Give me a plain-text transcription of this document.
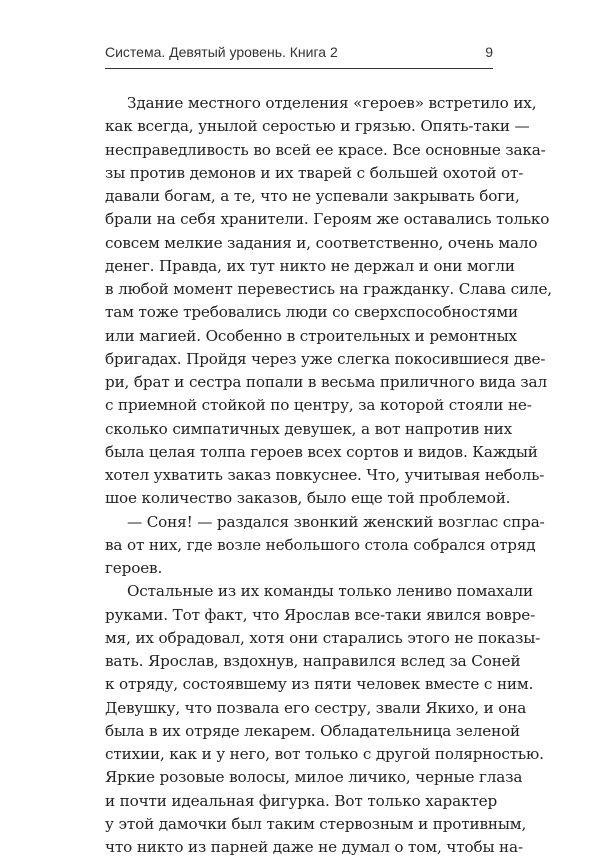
Система. Девятый уровень. Книга 2	9
Здание местного отделения «героев» встретило их,
как всегда, унылой серостью и грязью. Опять-таки —
несправедливость во всей ее красе. Все основные зака-
зы против демонов и их тварей с большей охотой от-
давали богам, а те, что не успевали закрывать боги,
брали на себя хранители. Героям же оставались только
совсем мелкие задания и, соответственно, очень мало
денег. Правда, их тут никто не держал и они могли
в любой момент перевестись на гражданку. Слава силе,
там тоже требовались люди со сверхспособностями
или магией. Особенно в строительных и ремонтных
бригадах. Пройдя через уже слегка покосившиеся две-
ри, брат и сестра попали в весьма приличного вида зал
с приемной стойкой по центру, за которой стояли не-
сколько симпатичных девушек, а вот напротив них
была целая толпа героев всех сортов и видов. Каждый
хотел ухватить заказ повкуснее. Что, учитывая неболь-
шое количество заказов, было еще той проблемой.
— Соня! — раздался звонкий женский возглас спра-
ва от них, где возле небольшого стола собрался отряд
героев.
Остальные из их команды только лениво помахали
руками. Тот факт, что Ярослав все-таки явился вовре-
мя, их обрадовал, хотя они старались этого не показы-
вать. Ярослав, вздохнув, направился вслед за Соней
к отряду, состоявшему из пяти человек вместе с ним.
Девушку, что позвала его сестру, звали Якихо, и она
была в их отряде лекарем. Обладательница зеленой
стихии, как и у него, вот только с другой полярностью.
Яркие розовые волосы, милое личико, черные глаза
и почти идеальная фигурка. Вот только характер
у этой дамочки был таким стервозным и противным,
что никто из парней даже не думал о том, чтобы на-
